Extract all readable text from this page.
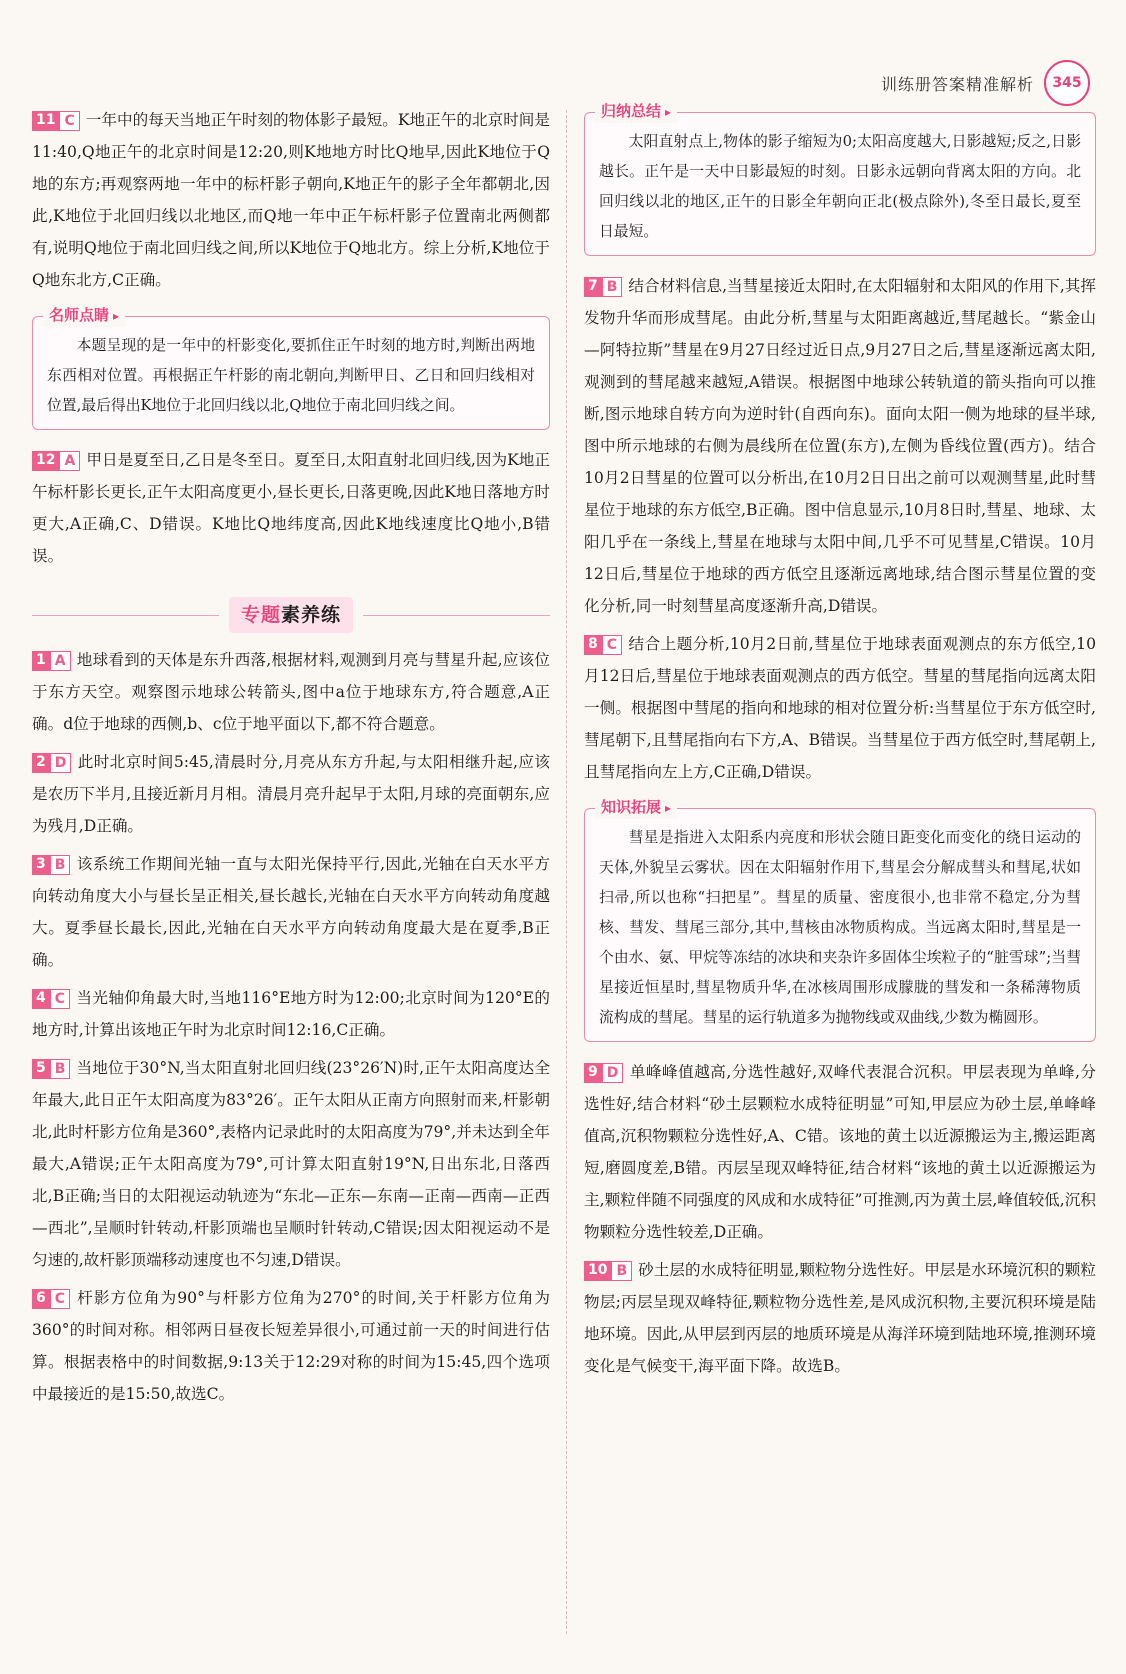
训练册答案精准解析	345

11 C 一年中的每天当地正午时刻的物体影子最短。K地正午的北京时间是11:40,Q地正午的北京时间是12:20,则K地地方时比Q地早,因此K地位于Q地的东方;再观察两地一年中的标杆影子朝向,K地正午的影子全年都朝北,因此,K地位于北回归线以北地区,而Q地一年中正午标杆影子位置南北两侧都有,说明Q地位于南北回归线之间,所以K地位于Q地北方。综上分析,K地位于Q地东北方,C正确。

名师点睛 ▸

本题呈现的是一年中的杆影变化,要抓住正午时刻的地方时,判断出两地东西相对位置。再根据正午杆影的南北朝向,判断甲日、乙日和回归线相对位置,最后得出K地位于北回归线以北,Q地位于南北回归线之间。

12 A 甲日是夏至日,乙日是冬至日。夏至日,太阳直射北回归线,因为K地正午标杆影长更长,正午太阳高度更小,昼长更长,日落更晚,因此K地日落地方时更大,A正确,C、D错误。K地比Q地纬度高,因此K地线速度比Q地小,B错误。

专题素养练

1 A 地球看到的天体是东升西落,根据材料,观测到月亮与彗星升起,应该位于东方天空。观察图示地球公转箭头,图中a位于地球东方,符合题意,A正确。d位于地球的西侧,b、c位于地平面以下,都不符合题意。

2 D 此时北京时间5:45,清晨时分,月亮从东方升起,与太阳相继升起,应该是农历下半月,且接近新月月相。清晨月亮升起早于太阳,月球的亮面朝东,应为残月,D正确。

3 B 该系统工作期间光轴一直与太阳光保持平行,因此,光轴在白天水平方向转动角度大小与昼长呈正相关,昼长越长,光轴在白天水平方向转动角度越大。夏季昼长最长,因此,光轴在白天水平方向转动角度最大是在夏季,B正确。

4 C 当光轴仰角最大时,当地116°E地方时为12:00;北京时间为120°E的地方时,计算出该地正午时为北京时间12:16,C正确。

5 B 当地位于30°N,当太阳直射北回归线(23°26′N)时,正午太阳高度达全年最大,此日正午太阳高度为83°26′。正午太阳从正南方向照射而来,杆影朝北,此时杆影方位角是360°,表格内记录此时的太阳高度为79°,并未达到全年最大,A错误;正午太阳高度为79°,可计算太阳直射19°N,日出东北,日落西北,B正确;当日的太阳视运动轨迹为“东北—正东—东南—正南—西南—正西—西北”,呈顺时针转动,杆影顶端也呈顺时针转动,C错误;因太阳视运动不是匀速的,故杆影顶端移动速度也不匀速,D错误。

6 C 杆影方位角为90°与杆影方位角为270°的时间,关于杆影方位角为360°的时间对称。相邻两日昼夜长短差异很小,可通过前一天的时间进行估算。根据表格中的时间数据,9:13关于12:29对称的时间为15:45,四个选项中最接近的是15:50,故选C。

归纳总结 ▸

太阳直射点上,物体的影子缩短为0;太阳高度越大,日影越短;反之,日影越长。正午是一天中日影最短的时刻。日影永远朝向背离太阳的方向。北回归线以北的地区,正午的日影全年朝向正北(极点除外),冬至日最长,夏至日最短。

7 B 结合材料信息,当彗星接近太阳时,在太阳辐射和太阳风的作用下,其挥发物升华而形成彗尾。由此分析,彗星与太阳距离越近,彗尾越长。“紫金山—阿特拉斯”彗星在9月27日经过近日点,9月27日之后,彗星逐渐远离太阳,观测到的彗尾越来越短,A错误。根据图中地球公转轨道的箭头指向可以推断,图示地球自转方向为逆时针(自西向东)。面向太阳一侧为地球的昼半球,图中所示地球的右侧为晨线所在位置(东方),左侧为昏线位置(西方)。结合10月2日彗星的位置可以分析出,在10月2日日出之前可以观测彗星,此时彗星位于地球的东方低空,B正确。图中信息显示,10月8日时,彗星、地球、太阳几乎在一条线上,彗星在地球与太阳中间,几乎不可见彗星,C错误。10月12日后,彗星位于地球的西方低空且逐渐远离地球,结合图示彗星位置的变化分析,同一时刻彗星高度逐渐升高,D错误。

8 C 结合上题分析,10月2日前,彗星位于地球表面观测点的东方低空,10月12日后,彗星位于地球表面观测点的西方低空。彗星的彗尾指向远离太阳一侧。根据图中彗尾的指向和地球的相对位置分析:当彗星位于东方低空时,彗尾朝下,且彗尾指向右下方,A、B错误。当彗星位于西方低空时,彗尾朝上,且彗尾指向左上方,C正确,D错误。

知识拓展 ▸

彗星是指进入太阳系内亮度和形状会随日距变化而变化的绕日运动的天体,外貌呈云雾状。因在太阳辐射作用下,彗星会分解成彗头和彗尾,状如扫帚,所以也称“扫把星”。彗星的质量、密度很小,也非常不稳定,分为彗核、彗发、彗尾三部分,其中,彗核由冰物质构成。当远离太阳时,彗星是一个由水、氨、甲烷等冻结的冰块和夹杂许多固体尘埃粒子的“脏雪球”;当彗星接近恒星时,彗星物质升华,在冰核周围形成朦胧的彗发和一条稀薄物质流构成的彗尾。彗星的运行轨道多为抛物线或双曲线,少数为椭圆形。

9 D 单峰峰值越高,分选性越好,双峰代表混合沉积。甲层表现为单峰,分选性好,结合材料“砂土层颗粒水成特征明显”可知,甲层应为砂土层,单峰峰值高,沉积物颗粒分选性好,A、C错。该地的黄土以近源搬运为主,搬运距离短,磨圆度差,B错。丙层呈现双峰特征,结合材料“该地的黄土以近源搬运为主,颗粒伴随不同强度的风成和水成特征”可推测,丙为黄土层,峰值较低,沉积物颗粒分选性较差,D正确。

10 B 砂土层的水成特征明显,颗粒物分选性好。甲层是水环境沉积的颗粒物层;丙层呈现双峰特征,颗粒物分选性差,是风成沉积物,主要沉积环境是陆地环境。因此,从甲层到丙层的地质环境是从海洋环境到陆地环境,推测环境变化是气候变干,海平面下降。故选B。
